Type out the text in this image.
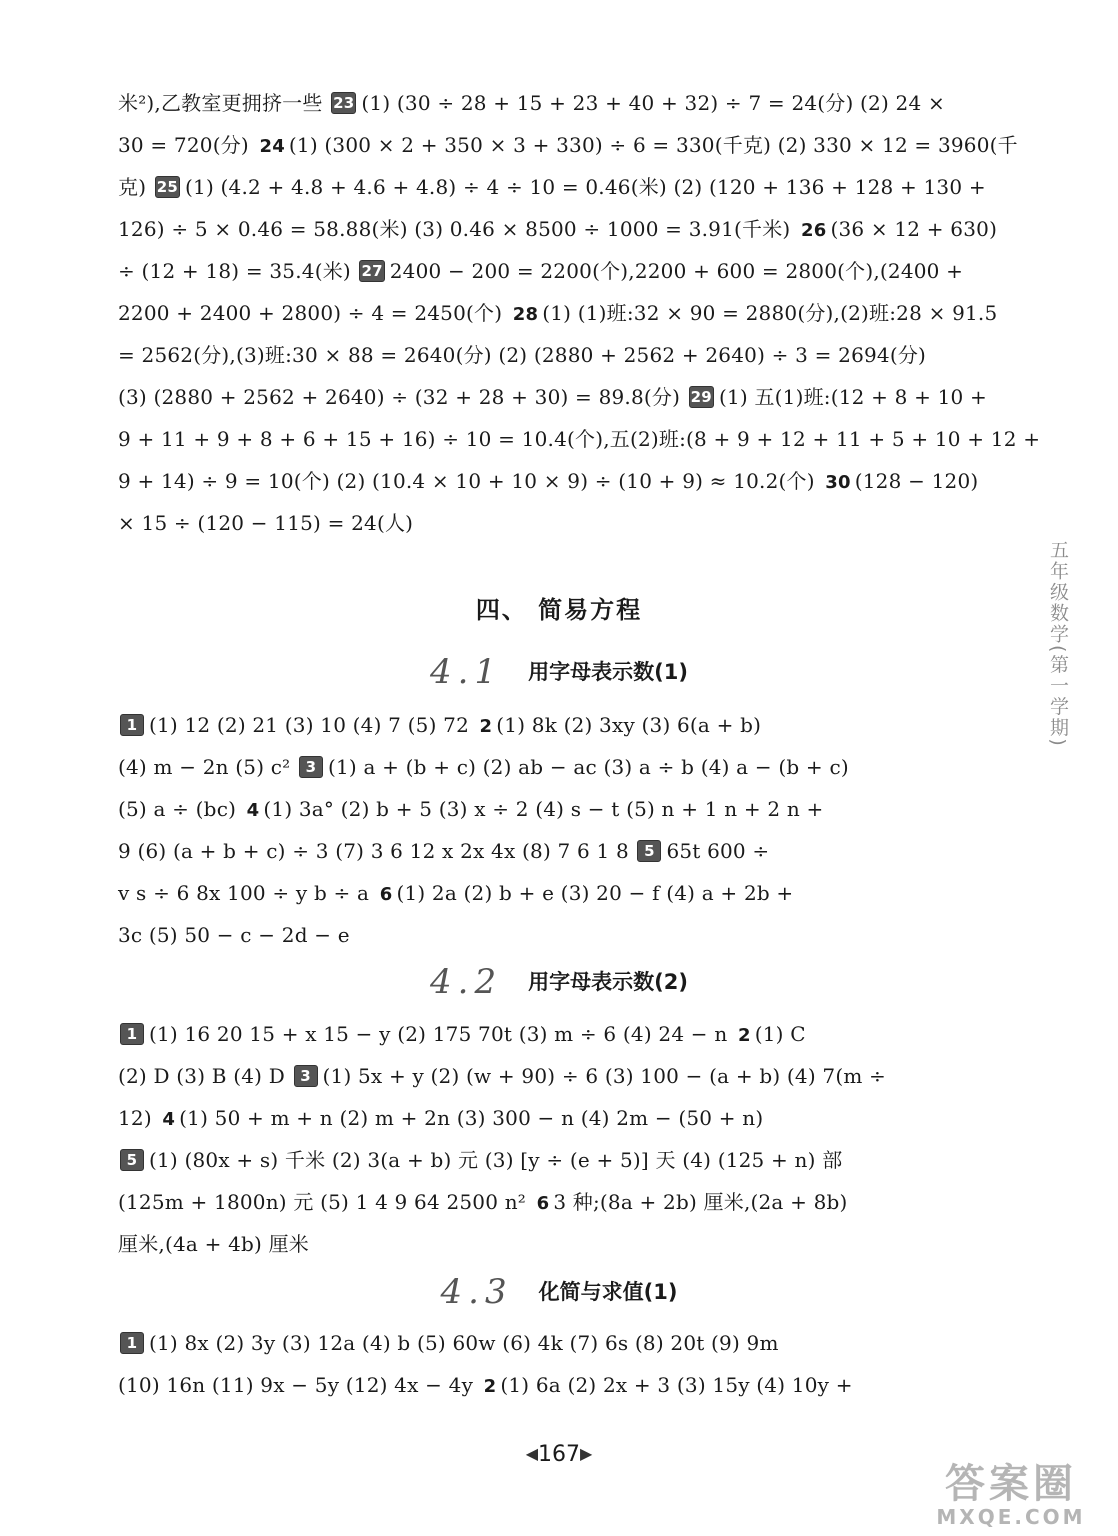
米²),乙教室更拥挤一些 23 (1) (30 ÷ 28 + 15 + 23 + 40 + 32) ÷ 7 = 24(分) (2) 24 ×
30 = 720(分) 24 (1) (300 × 2 + 350 × 3 + 330) ÷ 6 = 330(千克) (2) 330 × 12 = 3960(千
克) 25 (1) (4.2 + 4.8 + 4.6 + 4.8) ÷ 4 ÷ 10 = 0.46(米) (2) (120 + 136 + 128 + 130 +
126) ÷ 5 × 0.46 = 58.88(米) (3) 0.46 × 8500 ÷ 1000 = 3.91(千米) 26 (36 × 12 + 630)
÷ (12 + 18) = 35.4(米) 27 2400 − 200 = 2200(个),2200 + 600 = 2800(个),(2400 +
2200 + 2400 + 2800) ÷ 4 = 2450(个) 28 (1) (1)班:32 × 90 = 2880(分),(2)班:28 × 91.5
= 2562(分),(3)班:30 × 88 = 2640(分) (2) (2880 + 2562 + 2640) ÷ 3 = 2694(分)
(3) (2880 + 2562 + 2640) ÷ (32 + 28 + 30) = 89.8(分) 29 (1) 五(1)班:(12 + 8 + 10 +
9 + 11 + 9 + 8 + 6 + 15 + 16) ÷ 10 = 10.4(个),五(2)班:(8 + 9 + 12 + 11 + 5 + 10 + 12 +
9 + 14) ÷ 9 = 10(个) (2) (10.4 × 10 + 10 × 9) ÷ (10 + 9) ≈ 10.2(个) 30 (128 − 120)
× 15 ÷ (120 − 115) = 24(人)
四、 简易方程
4.1 用字母表示数(1)
1 (1) 12 (2) 21 (3) 10 (4) 7 (5) 72 2 (1) 8k (2) 3xy (3) 6(a + b)
(4) m − 2n (5) c² 3 (1) a + (b + c) (2) ab − ac (3) a ÷ b (4) a − (b + c)
(5) a ÷ (bc) 4 (1) 3a° (2) b + 5 (3) x ÷ 2 (4) s − t (5) n + 1 n + 2 n +
9 (6) (a + b + c) ÷ 3 (7) 3 6 12 x 2x 4x (8) 7 6 1 8 5 65t 600 ÷
v s ÷ 6 8x 100 ÷ y b ÷ a 6 (1) 2a (2) b + e (3) 20 − f (4) a + 2b +
3c (5) 50 − c − 2d − e
4.2 用字母表示数(2)
1 (1) 16 20 15 + x 15 − y (2) 175 70t (3) m ÷ 6 (4) 24 − n 2 (1) C
(2) D (3) B (4) D 3 (1) 5x + y (2) (w + 90) ÷ 6 (3) 100 − (a + b) (4) 7(m ÷
12) 4 (1) 50 + m + n (2) m + 2n (3) 300 − n (4) 2m − (50 + n)
5 (1) (80x + s) 千米 (2) 3(a + b) 元 (3) [y ÷ (e + 5)] 天 (4) (125 + n) 部
(125m + 1800n) 元 (5) 1 4 9 64 2500 n² 6 3 种;(8a + 2b) 厘米,(2a + 8b)
厘米,(4a + 4b) 厘米
4.3 化简与求值(1)
1 (1) 8x (2) 3y (3) 12a (4) b (5) 60w (6) 4k (7) 6s (8) 20t (9) 9m
(10) 16n (11) 9x − 5y (12) 4x − 4y 2 (1) 6a (2) 2x + 3 (3) 15y (4) 10y +
五年级数学(第一学期)
◀167▶
答案圈
MXQE.COM
